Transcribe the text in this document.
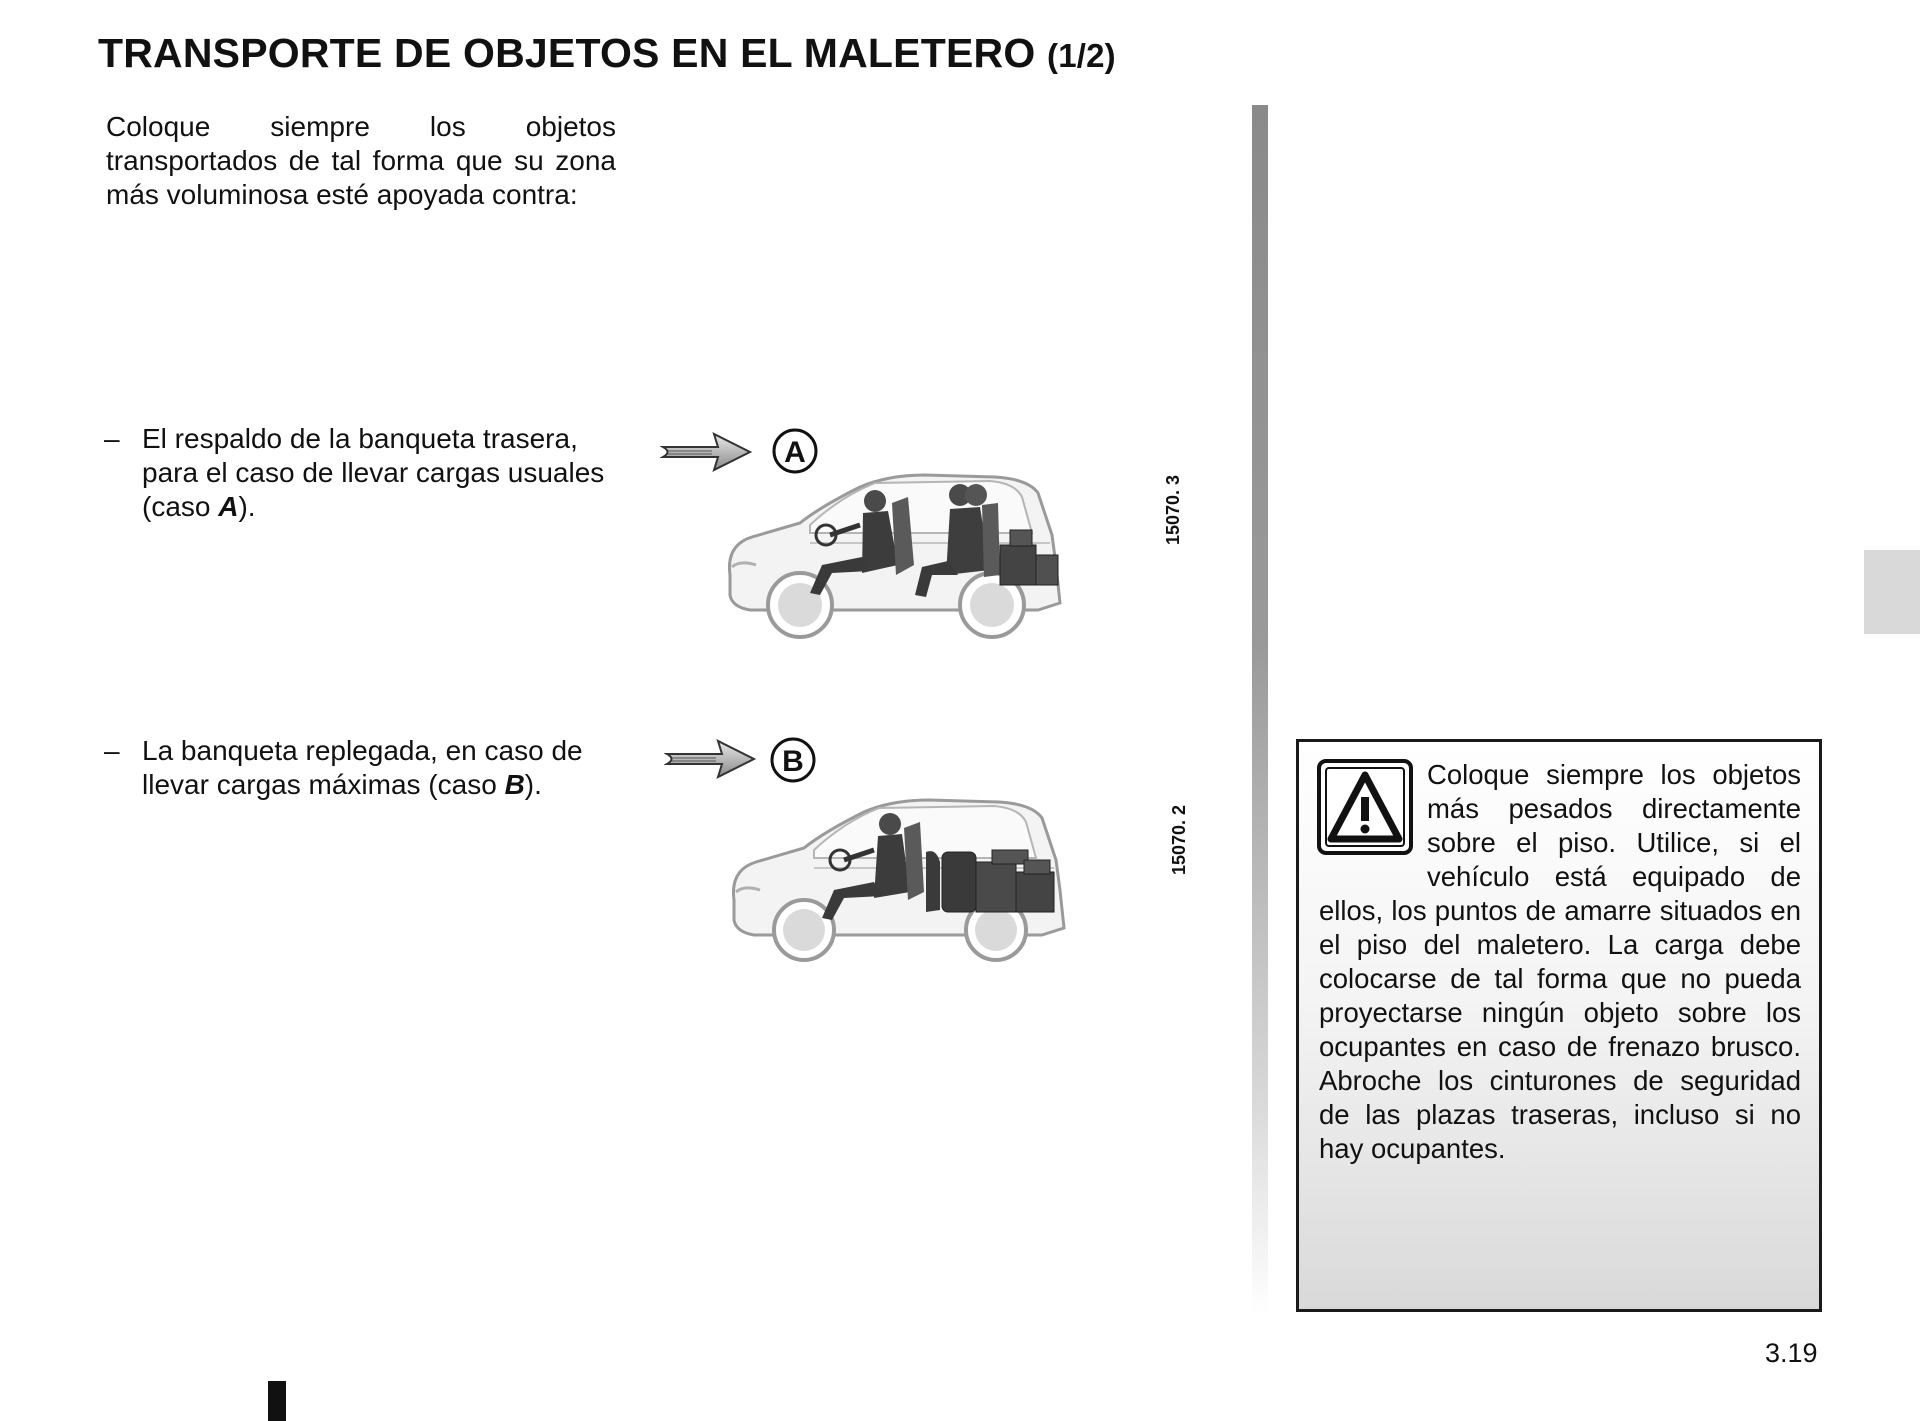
TRANSPORTE DE OBJETOS EN EL MALETERO (1/2)
Coloque siempre los objetos transportados de tal forma que su zona más voluminosa esté apoyada contra:
– El respaldo de la banqueta trasera, para el caso de llevar cargas usuales (caso A).
– La banqueta replegada, en caso de llevar cargas máximas (caso B).
A
15070. 3
B
15070. 2
Coloque siempre los objetos más pesados directamente sobre el piso. Utilice, si el vehículo está equipado de ellos, los puntos de amarre situados en el piso del maletero. La carga debe colocarse de tal forma que no pueda proyectarse ningún objeto sobre los ocupantes en caso de frenazo brusco. Abroche los cinturones de seguridad de las plazas traseras, incluso si no hay ocupantes.
3.19
